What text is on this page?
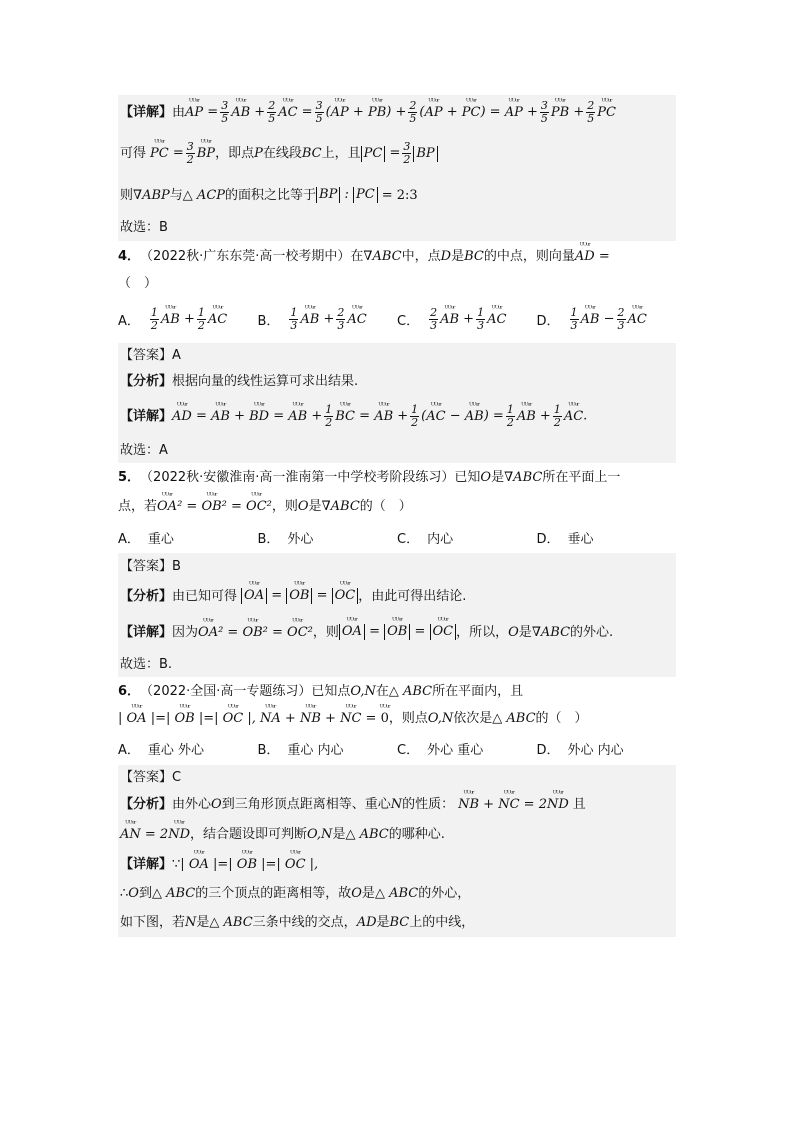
【详解】 由 ᵁᵁᵘʳ AP = $\frac{3}{5}$ ᵁᵁᵘʳ AB + $\frac{2}{5}$ ᵁᵁᵘʳ AC = $\frac{3}{5}$ (ᵁᵁᵘʳ AP + ᵁᵁᵘʳ $PB) + \frac{2}{5}$ (ᵁᵁᵘʳ AP + ᵁᵁᵘʳ PC) = ᵁᵁᵘʳ AP + $\frac{3}{5}$ ᵁᵁᵘʳ PB + $\frac{2}{5}$ ᵁᵁᵘʳ PC
可得 ᵁᵁᵘʳ PC = $\frac{3}{2}$ ᵁᵁᵘʳ BP ，即点 P 在线段 BC 上，且 PC = $\frac{3}{2}$ BP
则 ∇ABP 与 △ ACP 的面积之比等于 BP : PC = 2:3
故选：B
4． （2022秋·广东东莞·高一校考期中） 在 ∇ABC 中，点 D 是 BC 的中点，则向量 ᵁᵁᵘʳ AD =
（　）
A． $\frac{1}{2}$ ᵁᵁᵘʳ AB + $\frac{1}{2}$ ᵁᵁᵘʳ AC B． $\frac{1}{3}$ ᵁᵁᵘʳ AB + $\frac{2}{3}$ ᵁᵁᵘʳ AC C． $\frac{2}{3}$ ᵁᵁᵘʳ AB + $\frac{1}{3}$ ᵁᵁᵘʳ AC D． $\frac{1}{3}$ ᵁᵁᵘʳ AB − $\frac{2}{3}$ ᵁᵁᵘʳ AC
【答案】A
【分析】 根据向量的线性运算可求出结果.
【详解】 ᵁᵁᵘʳ AD = ᵁᵁᵘʳ AB + ᵁᵁᵘʳ BD = ᵁᵁᵘʳ AB + $\frac{1}{2}$ ᵁᵁᵘʳ BC = ᵁᵁᵘʳ AB + $\frac{1}{2}$ (ᵁᵁᵘʳ AC − ᵁᵁᵘʳ $AB) = \frac{1}{2}$ ᵁᵁᵘʳ AB + $\frac{1}{2}$ ᵁᵁᵘʳ AC.
故选：A
5． （2022秋·安徽淮南·高一淮南第一中学校考阶段练习） 已知 O 是 ∇ABC 所在平面上一
点，若 ᵁᵁᵘʳ OA² = ᵁᵁᵘʳ OB² = ᵁᵁᵘʳ OC² ，则 O 是 ∇ABC 的（　）
A． 重心	B． 外心	C． 内心	D． 垂心
【答案】B
【分析】 由已知可得 ᵁᵁᵘʳ OA = ᵁᵁᵘʳ OB = ᵁᵁᵘʳ OC ，由此可得出结论.
【详解】 因为 ᵁᵁᵘʳ OA² = ᵁᵁᵘʳ OB² = ᵁᵁᵘʳ OC² ，则 ᵁᵁᵘʳ OA = ᵁᵁᵘʳ OB = ᵁᵁᵘʳ OC ，所以， O 是 ∇ABC 的外心.
故选：B.
6． （2022·全国·高一专题练习） 已知点 O,N 在 △ ABC 所在平面内，且
| ᵁᵁᵘʳ OA |=| ᵁᵁᵘʳ OB |=| ᵁᵁᵘʳ OC |, ᵁᵁᵘʳ NA + ᵁᵁᵘʳ NB + ᵁᵁᵘʳ NC = ᵁᵁᵘʳ 0 ，则点 O,N 依次是 △ ABC 的（　）
A． 重心 外心	B． 重心 内心	C． 外心 重心	D． 外心 内心
【答案】C
【分析】 由外心 O 到三角形顶点距离相等、重心 N 的性质： ᵁᵁᵘʳ NB + ᵁᵁᵘʳ NC = 2ᵁᵁᵘʳ ND 且
ᵁᵁᵘʳ AN = 2ᵁᵁᵘʳ ND ，结合题设即可判断 O,N 是 △ ABC 的哪种心.
【详解】 ∵ | ᵁᵁᵘʳ OA |=| ᵁᵁᵘʳ OB |=| ᵁᵁᵘʳ OC |,
∴ O 到 △ ABC 的三个顶点的距离相等，故 O 是 △ ABC 的外心，
如下图，若 N 是 △ ABC 三条中线的交点， AD 是 BC 上的中线，
